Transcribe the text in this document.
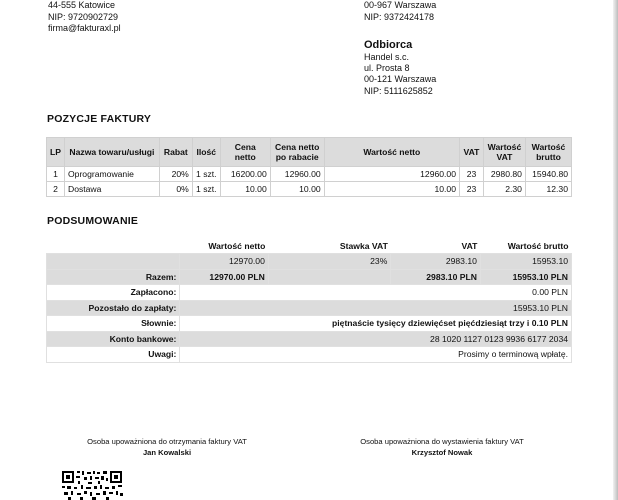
44-555 Katowice
NIP: 9720902729
firma@fakturaxl.pl
00-967 Warszawa
NIP: 9372424178
Odbiorca
Handel s.c.
ul. Prosta 8
00-121 Warszawa
NIP: 5111625852
POZYCJE FAKTURY
LP	Nazwa towaru/usługi	Rabat	Ilość	Cena netto	Cena netto po rabacie	Wartość netto	VAT	Wartość VAT	Wartość brutto
1	Oprogramowanie	20%	1 szt.	16200.00	12960.00	12960.00	23	2980.80	15940.80
2	Dostawa	0%	1 szt.	10.00	10.00	10.00	23	2.30	12.30
PODSUMOWANIE
	Wartość netto	Stawka VAT	VAT	Wartość brutto
	12970.00	23%	2983.10	15953.10
Razem:	12970.00 PLN		2983.10 PLN	15953.10 PLN
Zapłacono:	0.00 PLN			
Pozostało do zapłaty:	15953.10 PLN			
Słownie:	piętnaście tysięcy dziewięćset pięćdziesiąt trzy i 0.10 PLN			
Konto bankowe:	28 1020 1127 0123 9936 6177 2034			
Uwagi:	Prosimy o terminową wpłatę.			
Osoba upoważniona do otrzymania faktury VAT
Jan Kowalski
Osoba upoważniona do wystawienia faktury VAT
Krzysztof Nowak
